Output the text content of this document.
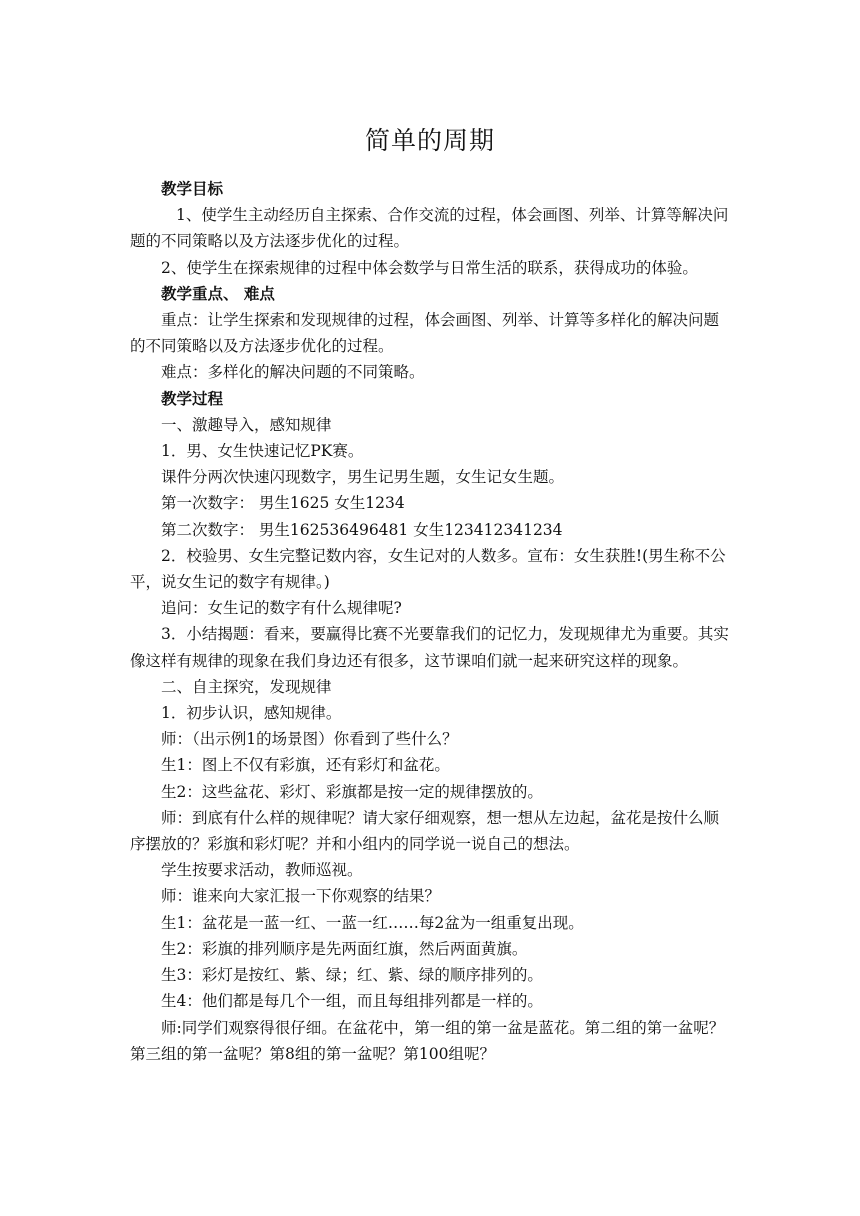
简单的周期

教学目标

1、使学生主动经历自主探索、合作交流的过程，体会画图、列举、计算等解决问题的不同策略以及方法逐步优化的过程。

2、使学生在探索规律的过程中体会数学与日常生活的联系，获得成功的体验。

教学重点、 难点

重点：让学生探索和发现规律的过程，体会画图、列举、计算等多样化的解决问题的不同策略以及方法逐步优化的过程。

难点：多样化的解决问题的不同策略。

教学过程

一、激趣导入，感知规律

1．男、女生快速记忆PK赛。

课件分两次快速闪现数字，男生记男生题，女生记女生题。

第一次数字： 男生1625 女生1234

第二次数字： 男生162536496481 女生123412341234

2．校验男、女生完整记数内容，女生记对的人数多。宣布：女生获胜!(男生称不公平，说女生记的数字有规律。)

追问：女生记的数字有什么规律呢?

3．小结揭题：看来，要赢得比赛不光要靠我们的记忆力，发现规律尤为重要。其实像这样有规律的现象在我们身边还有很多，这节课咱们就一起来研究这样的现象。

二、自主探究，发现规律

1．初步认识，感知规律。

师：（出示例1的场景图）你看到了些什么？

生1：图上不仅有彩旗，还有彩灯和盆花。

生2：这些盆花、彩灯、彩旗都是按一定的规律摆放的。

师：到底有什么样的规律呢？请大家仔细观察，想一想从左边起，盆花是按什么顺序摆放的？彩旗和彩灯呢？并和小组内的同学说一说自己的想法。

学生按要求活动，教师巡视。

师：谁来向大家汇报一下你观察的结果？

生1：盆花是一蓝一红、一蓝一红……每2盆为一组重复出现。

生2：彩旗的排列顺序是先两面红旗，然后两面黄旗。

生3：彩灯是按红、紫、绿；红、紫、绿的顺序排列的。

生4：他们都是每几个一组，而且每组排列都是一样的。

师:同学们观察得很仔细。在盆花中，第一组的第一盆是蓝花。第二组的第一盆呢？第三组的第一盆呢？第8组的第一盆呢？第100组呢？
